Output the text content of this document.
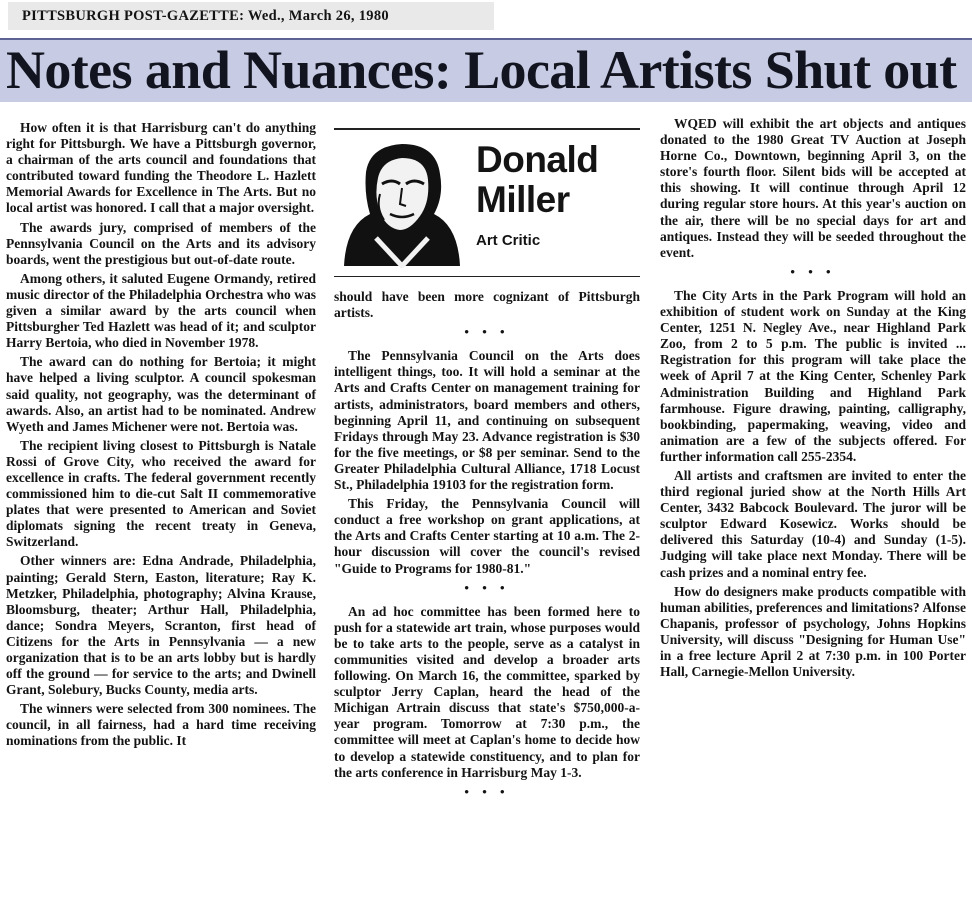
PITTSBURGH POST-GAZETTE: Wed., March 26, 1980
Notes and Nuances: Local Artists Shut out

How often it is that Harrisburg can't do anything right for Pittsburgh. We have a Pittsburgh governor, a chairman of the arts council and foundations that contributed toward funding the Theodore L. Hazlett Memorial Awards for Excellence in The Arts. But no local artist was honored. I call that a major oversight.

The awards jury, comprised of members of the Pennsylvania Council on the Arts and its advisory boards, went the prestigious but out-of-date route.

Among others, it saluted Eugene Ormandy, retired music director of the Philadelphia Orchestra who was given a similar award by the arts council when Pittsburgher Ted Hazlett was head of it; and sculptor Harry Bertoia, who died in November 1978.

The award can do nothing for Bertoia; it might have helped a living sculptor. A council spokesman said quality, not geography, was the determinant of awards. Also, an artist had to be nominated. Andrew Wyeth and James Michener were not. Bertoia was.

The recipient living closest to Pittsburgh is Natale Rossi of Grove City, who received the award for excellence in crafts. The federal government recently commissioned him to die-cut Salt II commemorative plates that were presented to American and Soviet diplomats signing the recent treaty in Geneva, Switzerland.

Other winners are: Edna Andrade, Philadelphia, painting; Gerald Stern, Easton, literature; Ray K. Metzker, Philadelphia, photography; Alvina Krause, Bloomsburg, theater; Arthur Hall, Philadelphia, dance; Sondra Meyers, Scranton, first head of Citizens for the Arts in Pennsylvania — a new organization that is to be an arts lobby but is hardly off the ground — for service to the arts; and Dwinell Grant, Solebury, Bucks County, media arts.

The winners were selected from 300 nominees. The council, in all fairness, had a hard time receiving nominations from the public. It

Donald
Miller
Art Critic

should have been more cognizant of Pittsburgh artists.

• • •

The Pennsylvania Council on the Arts does intelligent things, too. It will hold a seminar at the Arts and Crafts Center on management training for artists, administrators, board members and others, beginning April 11, and continuing on subsequent Fridays through May 23. Advance registration is $30 for the five meetings, or $8 per seminar. Send to the Greater Philadelphia Cultural Alliance, 1718 Locust St., Philadelphia 19103 for the registration form.

This Friday, the Pennsylvania Council will conduct a free workshop on grant applications, at the Arts and Crafts Center starting at 10 a.m. The 2-hour discussion will cover the council's revised "Guide to Programs for 1980-81."

• • •

An ad hoc committee has been formed here to push for a statewide art train, whose purposes would be to take arts to the people, serve as a catalyst in communities visited and develop a broader arts following. On March 16, the committee, sparked by sculptor Jerry Caplan, heard the head of the Michigan Artrain discuss that state's $750,000-a-year program. Tomorrow at 7:30 p.m., the committee will meet at Caplan's home to decide how to develop a statewide constituency, and to plan for the arts conference in Harrisburg May 1-3.

• • •

WQED will exhibit the art objects and antiques donated to the 1980 Great TV Auction at Joseph Horne Co., Downtown, beginning April 3, on the store's fourth floor. Silent bids will be accepted at this showing. It will continue through April 12 during regular store hours. At this year's auction on the air, there will be no special days for art and antiques. Instead they will be seeded throughout the event.

• • •

The City Arts in the Park Program will hold an exhibition of student work on Sunday at the King Center, 1251 N. Negley Ave., near Highland Park Zoo, from 2 to 5 p.m. The public is invited ... Registration for this program will take place the week of April 7 at the King Center, Schenley Park Administration Building and Highland Park farmhouse. Figure drawing, painting, calligraphy, bookbinding, papermaking, weaving, video and animation are a few of the subjects offered. For further information call 255-2354.

All artists and craftsmen are invited to enter the third regional juried show at the North Hills Art Center, 3432 Babcock Boulevard. The juror will be sculptor Edward Kosewicz. Works should be delivered this Saturday (10-4) and Sunday (1-5). Judging will take place next Monday. There will be cash prizes and a nominal entry fee.

How do designers make products compatible with human abilities, preferences and limitations? Alfonse Chapanis, professor of psychology, Johns Hopkins University, will discuss "Designing for Human Use" in a free lecture April 2 at 7:30 p.m. in 100 Porter Hall, Carnegie-Mellon University.
